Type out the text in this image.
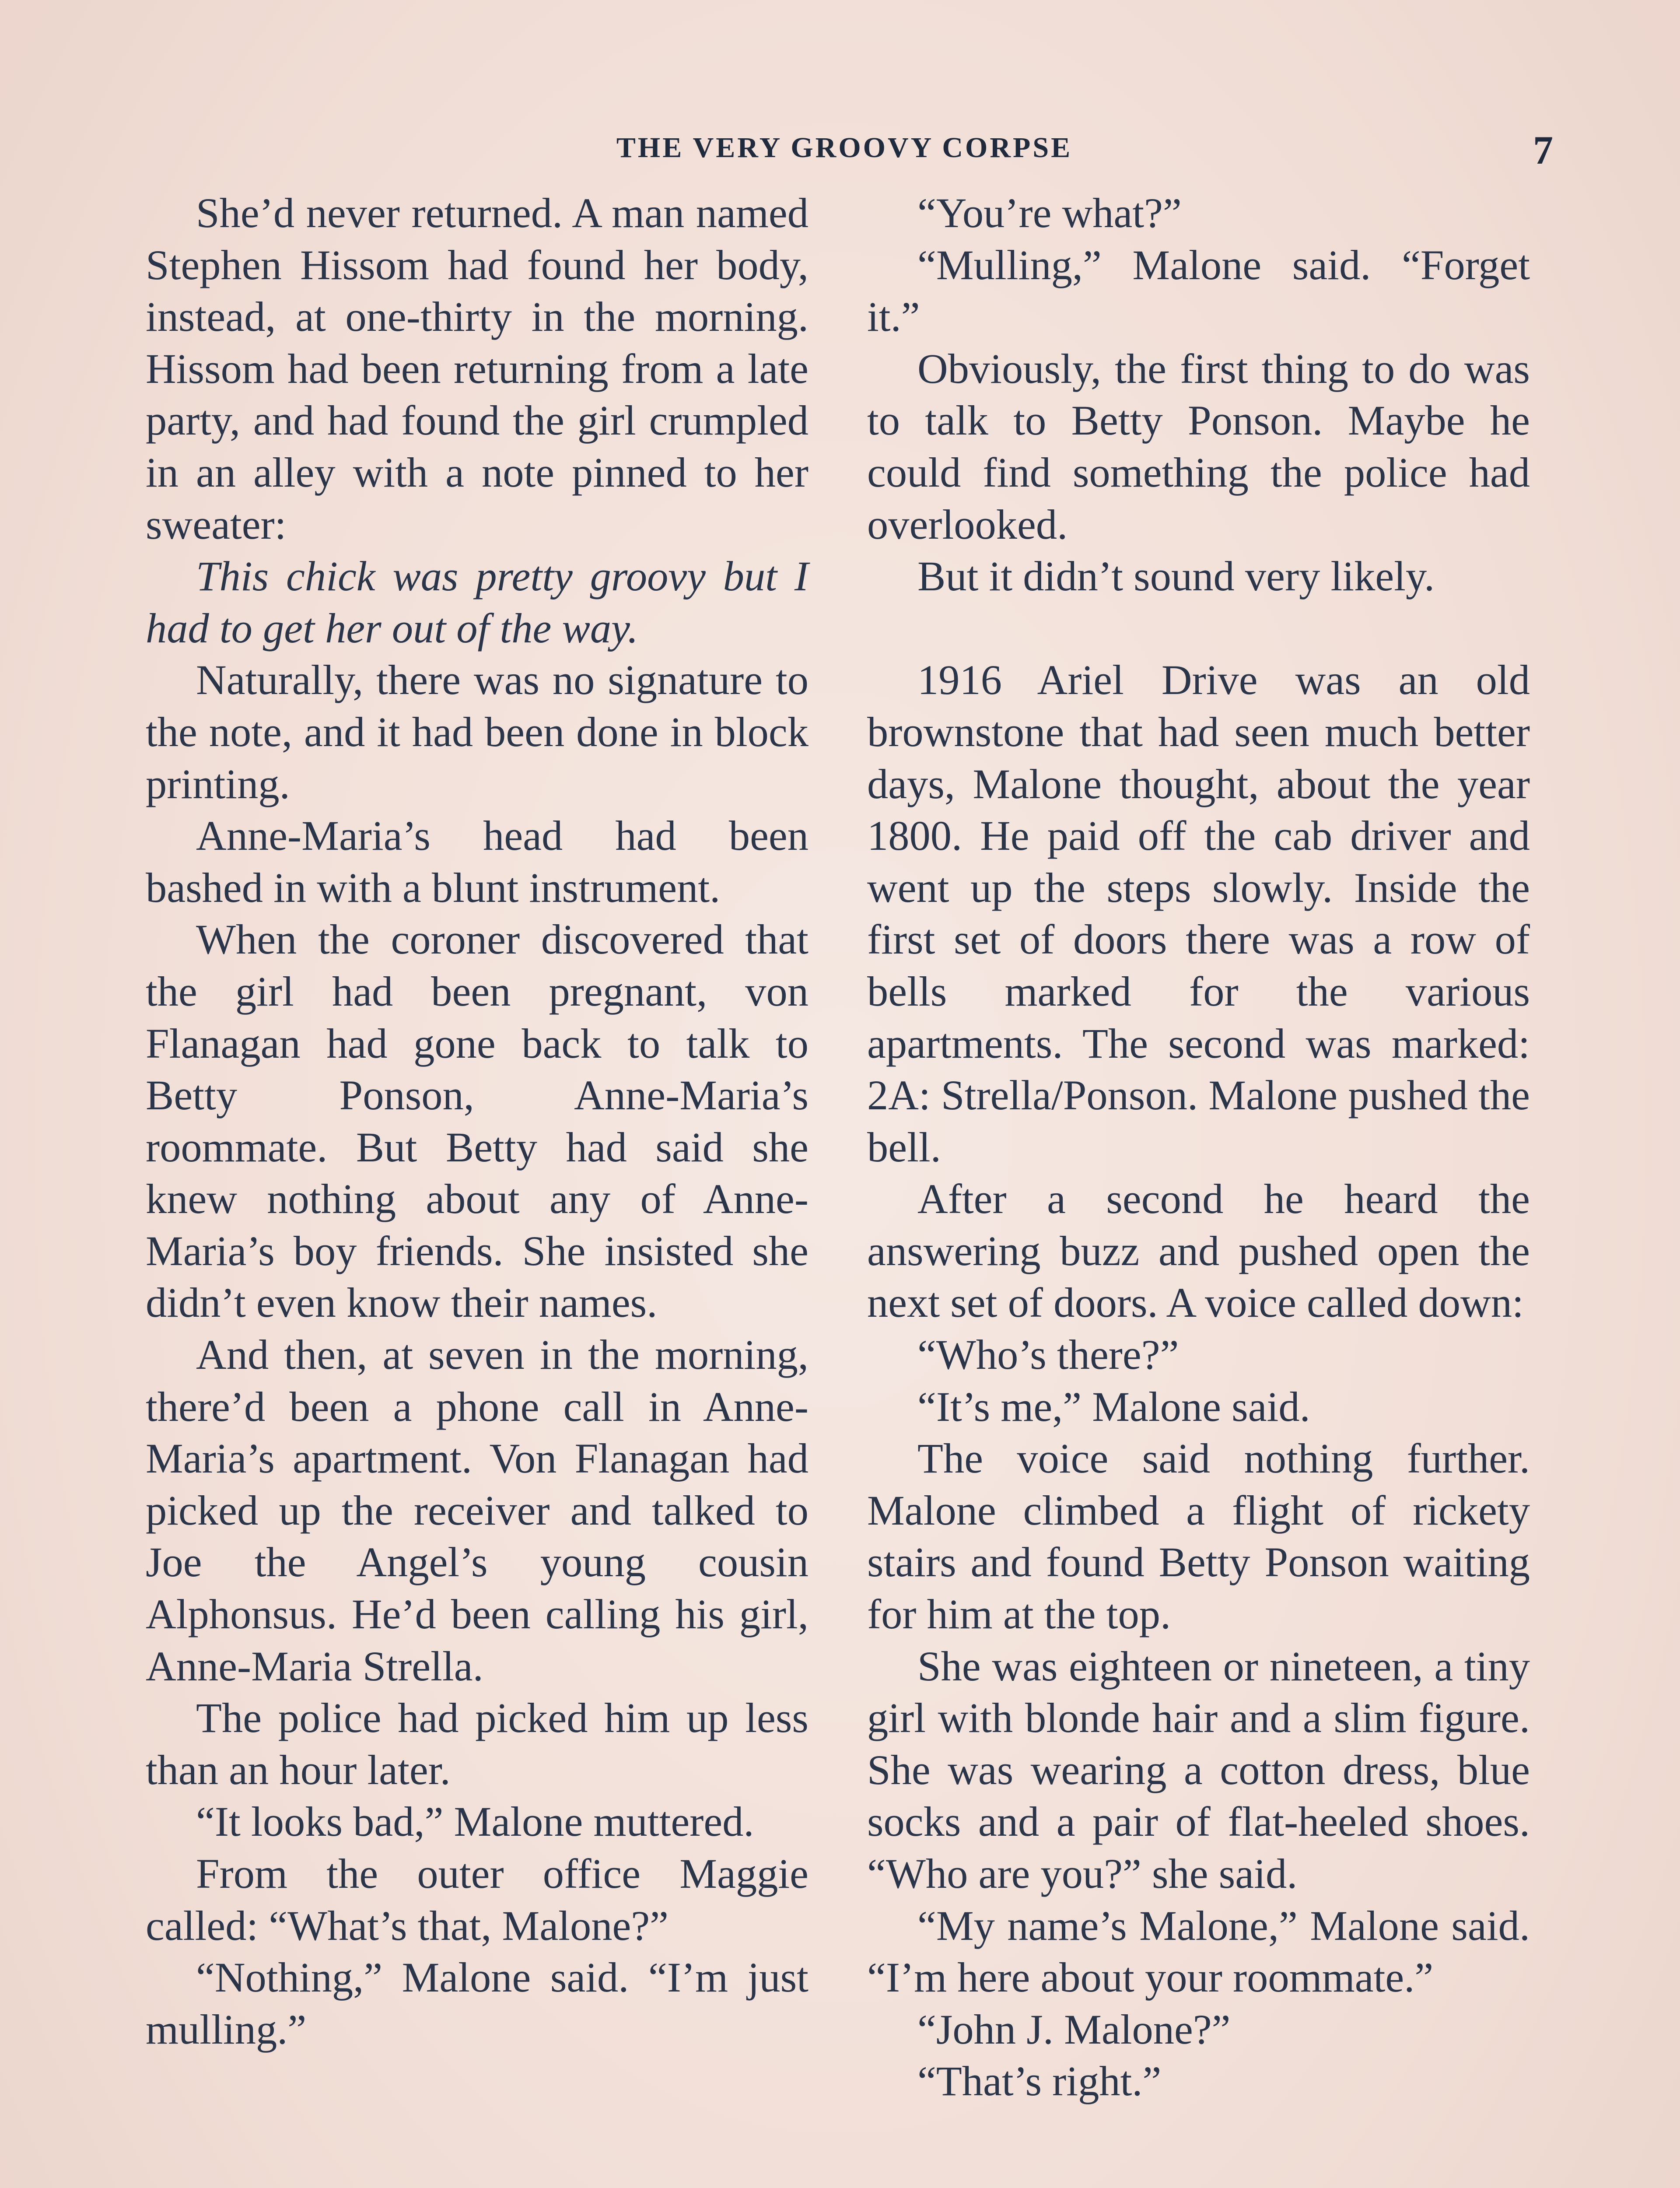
THE VERY GROOVY CORPSE	7

She’d never returned. A man named Stephen Hissom had found her body, instead, at one-thirty in the morning. Hissom had been returning from a late party, and had found the girl crumpled in an alley with a note pinned to her sweater:

This chick was pretty groovy but I had to get her out of the way.

Naturally, there was no signature to the note, and it had been done in block printing.

Anne-Maria’s head had been bashed in with a blunt instrument.

When the coroner discovered that the girl had been pregnant, von Flanagan had gone back to talk to Betty Ponson, Anne-Maria’s roommate. But Betty had said she knew nothing about any of Anne-Maria’s boy friends. She insisted she didn’t even know their names.

And then, at seven in the morning, there’d been a phone call in Anne-Maria’s apartment. Von Flanagan had picked up the receiver and talked to Joe the Angel’s young cousin Alphonsus. He’d been calling his girl, Anne-Maria Strella.

The police had picked him up less than an hour later.

“It looks bad,” Malone muttered.

From the outer office Maggie called: “What’s that, Malone?”

“Nothing,” Malone said. “I’m just mulling.”

“You’re what?”

“Mulling,” Malone said. “Forget it.”

Obviously, the first thing to do was to talk to Betty Ponson. Maybe he could find something the police had overlooked.

But it didn’t sound very likely.

1916 Ariel Drive was an old brownstone that had seen much better days, Malone thought, about the year 1800. He paid off the cab driver and went up the steps slowly. Inside the first set of doors there was a row of bells marked for the various apartments. The second was marked: 2A: Strella/Ponson. Malone pushed the bell.

After a second he heard the answering buzz and pushed open the next set of doors. A voice called down:

“Who’s there?”

“It’s me,” Malone said.

The voice said nothing further. Malone climbed a flight of rickety stairs and found Betty Ponson waiting for him at the top.

She was eighteen or nineteen, a tiny girl with blonde hair and a slim figure. She was wearing a cotton dress, blue socks and a pair of flat-heeled shoes. “Who are you?” she said.

“My name’s Malone,” Malone said. “I’m here about your roommate.”

“John J. Malone?”

“That’s right.”
